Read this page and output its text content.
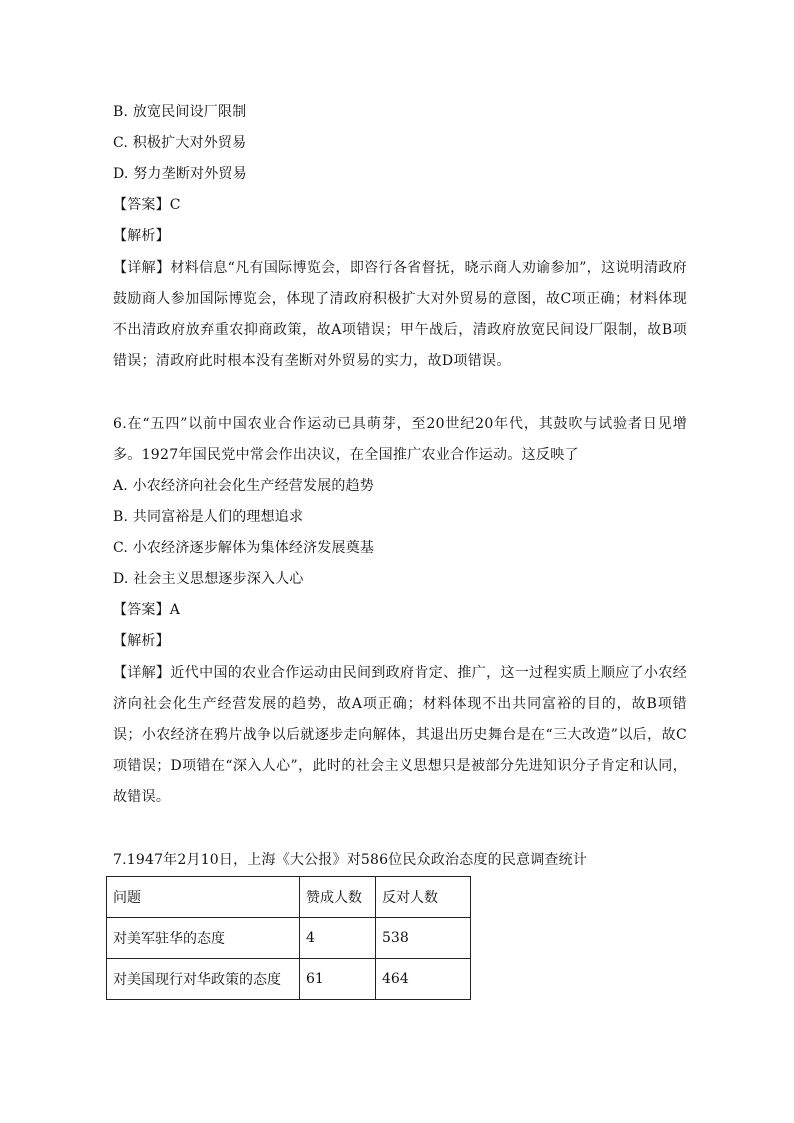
B. 放宽民间设厂限制
C. 积极扩大对外贸易
D. 努力垄断对外贸易
【答案】C
【解析】
【详解】材料信息“凡有国际博览会，即咨行各省督抚，晓示商人劝谕参加”，这说明清政府鼓励商人参加国际博览会，体现了清政府积极扩大对外贸易的意图，故C项正确；材料体现不出清政府放弃重农抑商政策，故A项错误；甲午战后，清政府放宽民间设厂限制，故B项错误；清政府此时根本没有垄断对外贸易的实力，故D项错误。
6.在“五四”以前中国农业合作运动已具萌芽，至20世纪20年代，其鼓吹与试验者日见增多。1927年国民党中常会作出决议，在全国推广农业合作运动。这反映了
A. 小农经济向社会化生产经营发展的趋势
B. 共同富裕是人们的理想追求
C. 小农经济逐步解体为集体经济发展奠基
D. 社会主义思想逐步深入人心
【答案】A
【解析】
【详解】近代中国的农业合作运动由民间到政府肯定、推广，这一过程实质上顺应了小农经济向社会化生产经营发展的趋势，故A项正确；材料体现不出共同富裕的目的，故B项错误；小农经济在鸦片战争以后就逐步走向解体，其退出历史舞台是在“三大改造”以后，故C项错误；D项错在“深入人心”，此时的社会主义思想只是被部分先进知识分子肯定和认同，故错误。
7.1947年2月10日，上海《大公报》对586位民众政治态度的民意调查统计
问题	赞成人数	反对人数
对美军驻华的态度	4	538
对美国现行对华政策的态度	61	464
